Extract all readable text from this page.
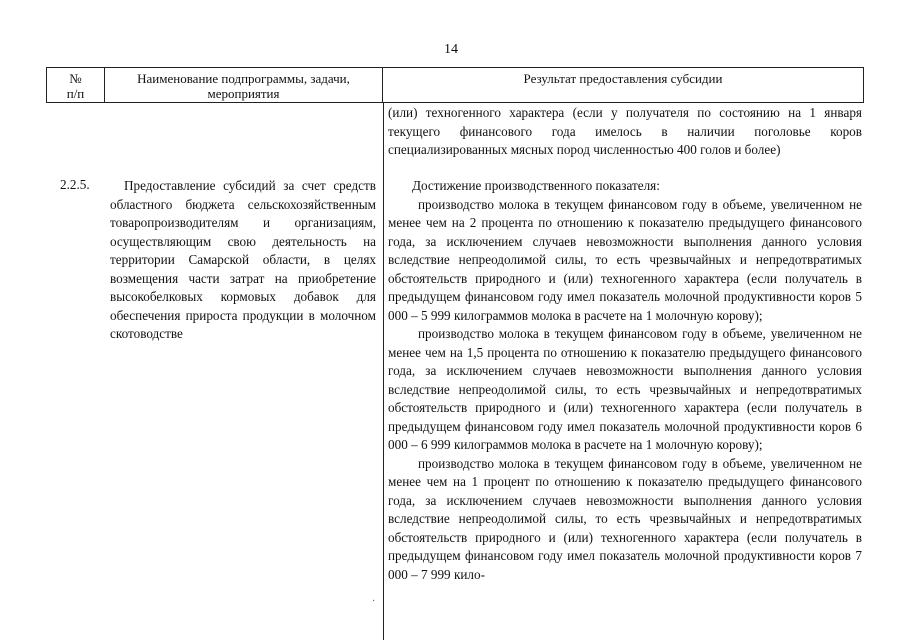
14
№
п/п
Наименование подпрограммы, задачи, мероприятия
Результат предоставления субсидии
(или) техногенного характера (если у получателя по состоянию на 1 января текущего финансового года имелось в наличии поголовье коров специализированных мясных пород численностью 400 голов и более)
2.2.5.	Предоставление субсидий за счет средств областного бюджета сельскохозяйственным товаропроизводителям и организациям, осуществляющим свою деятельность на территории Самарской области, в целях возмещения части затрат на приобретение высокобелковых кормовых добавок для обеспечения прироста продукции в молочном скотоводстве

Достижение производственного показателя:

производство молока в текущем финансовом году в объеме, увеличенном не менее чем на 2 процента по отношению к показателю предыдущего финансового года, за исключением случаев невозможности выполнения данного условия вследствие непреодолимой силы, то есть чрезвычайных и непредотвратимых обстоятельств природного и (или) техногенного характера (если получатель в предыдущем финансовом году имел показатель молочной продуктивности коров 5 000 – 5 999 килограммов молока в расчете на 1 молочную корову);

производство молока в текущем финансовом году в объеме, увеличенном не менее чем на 1,5 процента по отношению к показателю предыдущего финансового года, за исключением случаев невозможности выполнения данного условия вследствие непреодолимой силы, то есть чрезвычайных и непредотвратимых обстоятельств природного и (или) техногенного характера (если получатель в предыдущем финансовом году имел показатель молочной продуктивности коров 6 000 – 6 999 килограммов молока в расчете на 1 молочную корову);

производство молока в текущем финансовом году в объеме, увеличенном не менее чем на 1 процент по отношению к показателю предыдущего финансового года, за исключением случаев невозможности выполнения данного условия вследствие непреодолимой силы, то есть чрезвычайных и непредотвратимых обстоятельств природного и (или) техногенного характера (если получатель в предыдущем финансовом году имел показатель молочной продуктивности коров 7 000 – 7 999 кило-

·
